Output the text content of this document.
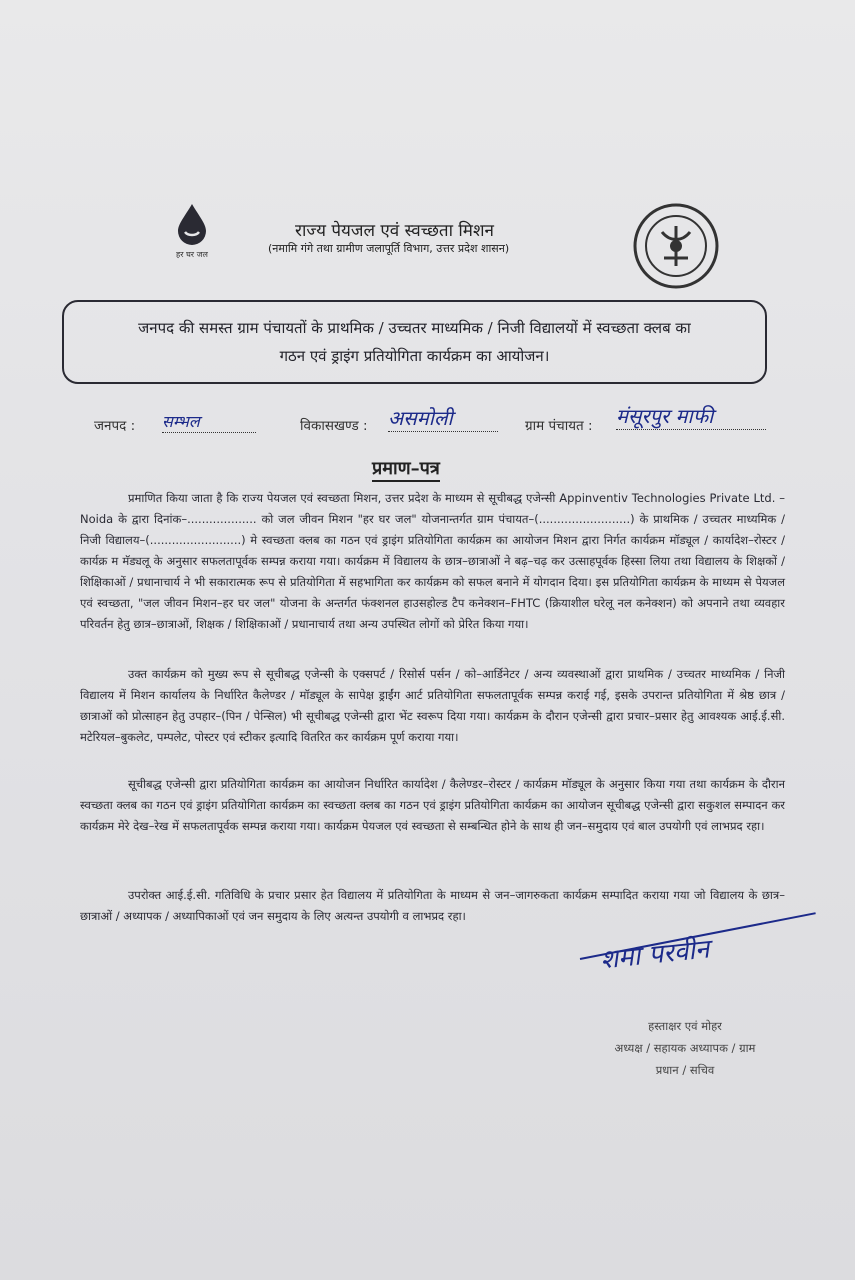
हर घर जल
राज्य पेयजल एवं स्वच्छता मिशन
(नमामि गंगे तथा ग्रामीण जलापूर्ति विभाग, उत्तर प्रदेश शासन)
जनपद की समस्त ग्राम पंचायतों के प्राथमिक / उच्चतर माध्यमिक / निजी विद्यालयों में स्वच्छता क्लब का
गठन एवं ड्राइंग प्रतियोगिता कार्यक्रम का आयोजन।
जनपद : सम्भल	विकासखण्ड : असमोली	ग्राम पंचायत : मंसूरपुर माफी
प्रमाण–पत्र
प्रमाणित किया जाता है कि राज्य पेयजल एवं स्वच्छता मिशन, उत्तर प्रदेश के माध्यम से सूचीबद्ध एजेन्सी Appinventiv Technologies Private Ltd. – Noida के द्वारा दिनांक–................... को जल जीवन मिशन "हर घर जल" योजनान्तर्गत ग्राम पंचायत–(.........................) के प्राथमिक / उच्चतर माध्यमिक / निजी विद्यालय–(.........................) मे स्वच्छता क्लब का गठन एवं ड्राइंग प्रतियोगिता कार्यक्रम का आयोजन मिशन द्वारा निर्गत कार्यक्रम मॉड्यूल / कार्यादेश–रोस्टर / कार्यक्र म मॅड्यलू के अनुसार सफलतापूर्वक सम्पन्न कराया गया। कार्यक्रम में विद्यालय के छात्र–छात्राओं ने बढ़–चढ़ कर उत्साहपूर्वक हिस्सा लिया तथा विद्यालय के शिक्षकों / शिक्षिकाओं / प्रधानाचार्य ने भी सकारात्मक रूप से प्रतियोगिता में सहभागिता कर कार्यक्रम को सफल बनाने में योगदान दिया। इस प्रतियोगिता कार्यक्रम के माध्यम से पेयजल एवं स्वच्छता, "जल जीवन मिशन–हर घर जल" योजना के अन्तर्गत फंक्शनल हाउसहोल्ड टैप कनेक्शन–FHTC (क्रियाशील घरेलू नल कनेक्शन) को अपनाने तथा व्यवहार परिवर्तन हेतु छात्र–छात्राओं, शिक्षक / शिक्षिकाओं / प्रधानाचार्य तथा अन्य उपस्थित लोगों को प्रेरित किया गया।
उक्त कार्यक्रम को मुख्य रूप से सूचीबद्ध एजेन्सी के एक्सपर्ट / रिसोर्स पर्सन / को–आर्डिनेटर / अन्य व्यवस्थाओं द्वारा प्राथमिक / उच्चतर माध्यमिक / निजी विद्यालय में मिशन कार्यालय के निर्धारित कैलेण्डर / मॉड्यूल के सापेक्ष ड्राईंग आर्ट प्रतियोगिता सफलतापूर्वक सम्पन्न कराई गई, इसके उपरान्त प्रतियोगिता में श्रेष्ठ छात्र / छात्राओं को प्रोत्साहन हेतु उपहार–(पिन / पेन्सिल) भी सूचीबद्ध एजेन्सी द्वारा भेंट स्वरूप दिया गया। कार्यक्रम के दौरान एजेन्सी द्वारा प्रचार–प्रसार हेतु आवश्यक आई.ई.सी. मटेरियल–बुकलेट, पम्पलेट, पोस्टर एवं स्टीकर इत्यादि वितरित कर कार्यक्रम पूर्ण कराया गया।
सूचीबद्ध एजेन्सी द्वारा प्रतियोगिता कार्यक्रम का आयोजन निर्धारित कार्यादेश / कैलेण्डर–रोस्टर / कार्यक्रम मॉड्यूल के अनुसार किया गया तथा कार्यक्रम के दौरान स्वच्छता क्लब का गठन एवं ड्राइंग प्रतियोगिता कार्यक्रम का स्वच्छता क्लब का गठन एवं ड्राइंग प्रतियोगिता कार्यक्रम का आयोजन सूचीबद्ध एजेन्सी द्वारा सकुशल सम्पादन कर कार्यक्रम मेरे देख–रेख में सफलतापूर्वक सम्पन्न कराया गया। कार्यक्रम पेयजल एवं स्वच्छता से सम्बन्धित होने के साथ ही जन–समुदाय एवं बाल उपयोगी एवं लाभप्रद रहा।
उपरोक्त आई.ई.सी. गतिविधि के प्रचार प्रसार हेत विद्यालय में प्रतियोगिता के माध्यम से जन–जागरुकता कार्यक्रम सम्पादित कराया गया जो विद्यालय के छात्र–छात्राओं / अध्यापक / अध्यापिकाओं एवं जन समुदाय के लिए अत्यन्त उपयोगी व लाभप्रद रहा।
शमा परवीन
हस्ताक्षर एवं मोहर
अध्यक्ष / सहायक अध्यापक / ग्राम
प्रधान / सचिव
